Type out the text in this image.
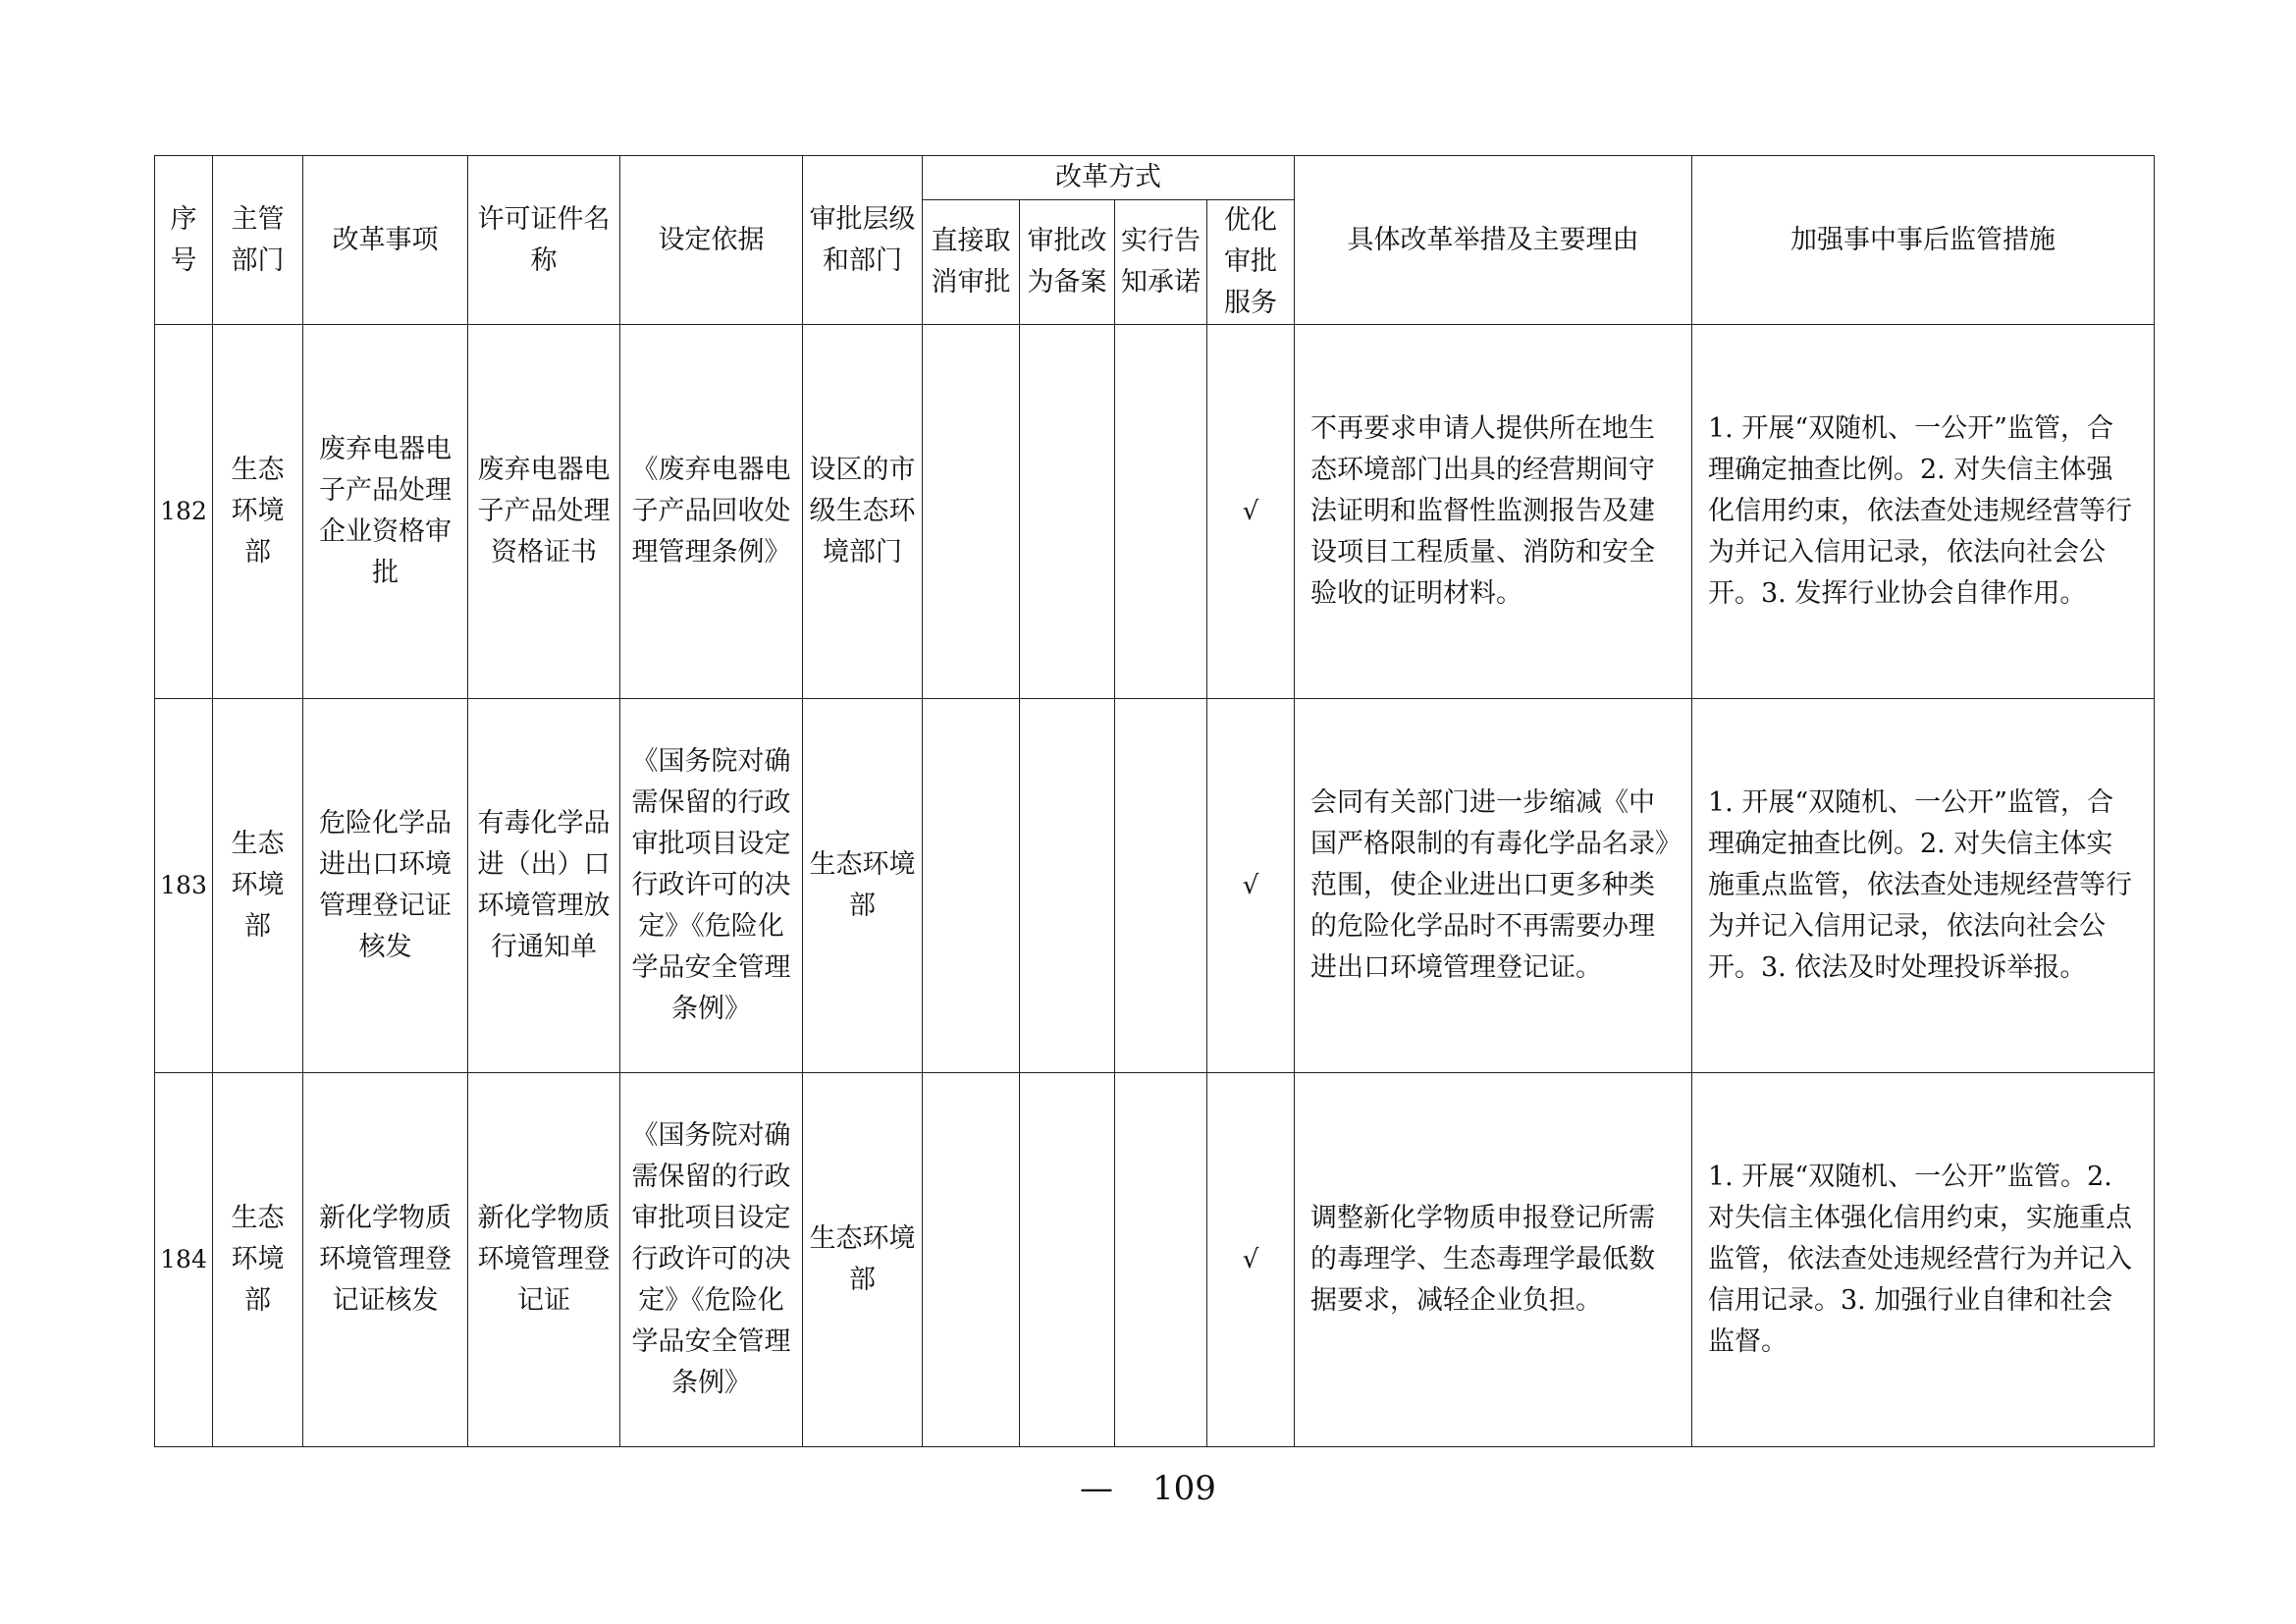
序号	主管部门	改革事项	许可证件名称	设定依据	审批层级和部门	改革方式				具体改革举措及主要理由	加强事中事后监管措施
						直接取消审批	审批改为备案	实行告知承诺	优化审批服务		
182	生态环境部	废弃电器电子产品处理企业资格审批	废弃电器电子产品处理资格证书	《废弃电器电子产品回收处理管理条例》	设区的市级生态环境部门				√	不再要求申请人提供所在地生态环境部门出具的经营期间守法证明和监督性监测报告及建设项目工程质量、消防和安全验收的证明材料。	1. 开展“双随机、一公开”监管，合理确定抽查比例。2. 对失信主体强化信用约束，依法查处违规经营等行为并记入信用记录，依法向社会公开。3. 发挥行业协会自律作用。
183	生态环境部	危险化学品进出口环境管理登记证核发	有毒化学品进（出）口环境管理放行通知单	《国务院对确需保留的行政审批项目设定行政许可的决定》《危险化学品安全管理条例》	生态环境部				√	会同有关部门进一步缩减《中国严格限制的有毒化学品名录》范围，使企业进出口更多种类的危险化学品时不再需要办理进出口环境管理登记证。	1. 开展“双随机、一公开”监管，合理确定抽查比例。2. 对失信主体实施重点监管，依法查处违规经营等行为并记入信用记录，依法向社会公开。3. 依法及时处理投诉举报。
184	生态环境部	新化学物质环境管理登记证核发	新化学物质环境管理登记证	《国务院对确需保留的行政审批项目设定行政许可的决定》《危险化学品安全管理条例》	生态环境部				√	调整新化学物质申报登记所需的毒理学、生态毒理学最低数据要求，减轻企业负担。	1. 开展“双随机、一公开”监管。2. 对失信主体强化信用约束，实施重点监管，依法查处违规经营行为并记入信用记录。3. 加强行业自律和社会监督。
— 109
